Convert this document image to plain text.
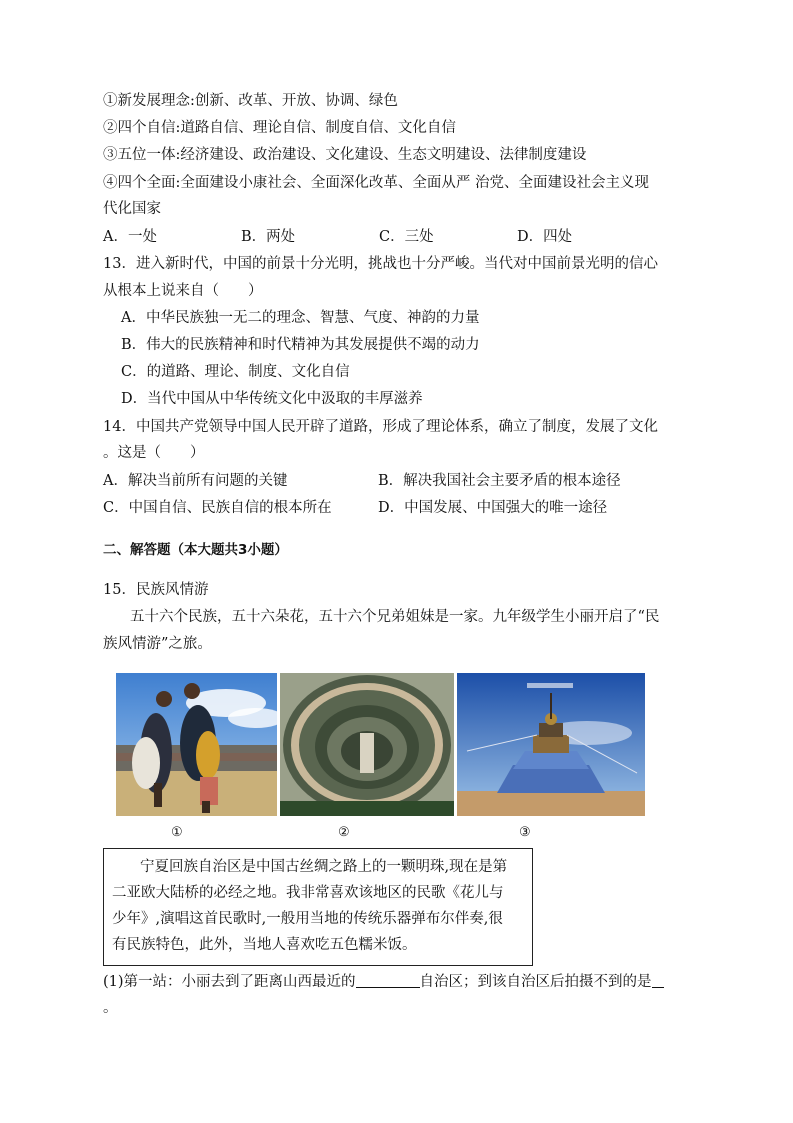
①新发展理念:创新、改革、开放、协调、绿色
②四个自信:道路自信、理论自信、制度自信、文化自信
③五位一体:经济建设、政治建设、文化建设、生态文明建设、法律制度建设
④四个全面:全面建设小康社会、全面深化改革、全面从严 治党、全面建设社会主义现
代化国家
A．一处	B．两处	C．三处	D．四处
13．进入新时代，中国的前景十分光明，挑战也十分严峻。当代对中国前景光明的信心
从根本上说来自（　　）
A．中华民族独一无二的理念、智慧、气度、神韵的力量
B．伟大的民族精神和时代精神为其发展提供不竭的动力
C．的道路、理论、制度、文化自信
D．当代中国从中华传统文化中汲取的丰厚滋养
14．中国共产党领导中国人民开辟了道路，形成了理论体系，确立了制度，发展了文化
。这是（　　）
A．解决当前所有问题的关键	B．解决我国社会主要矛盾的根本途径
C．中国自信、民族自信的根本所在	D．中国发展、中国强大的唯一途径
二、解答题（本大题共3小题）
15．民族风情游
五十六个民族，五十六朵花，五十六个兄弟姐妹是一家。九年级学生小丽开启了“民
族风情游”之旅。
①	②	③
宁夏回族自治区是中国古丝绸之路上的一颗明珠,现在是第
二亚欧大陆桥的必经之地。我非常喜欢该地区的民歌《花儿与
少年》,演唱这首民歌时,一般用当地的传统乐器弹布尔伴奏,很
有民族特色，此外，当地人喜欢吃五色糯米饭。
(1)第一站：小丽去到了距离山西最近的	自治区；到该自治区后拍摄不到的是
。
